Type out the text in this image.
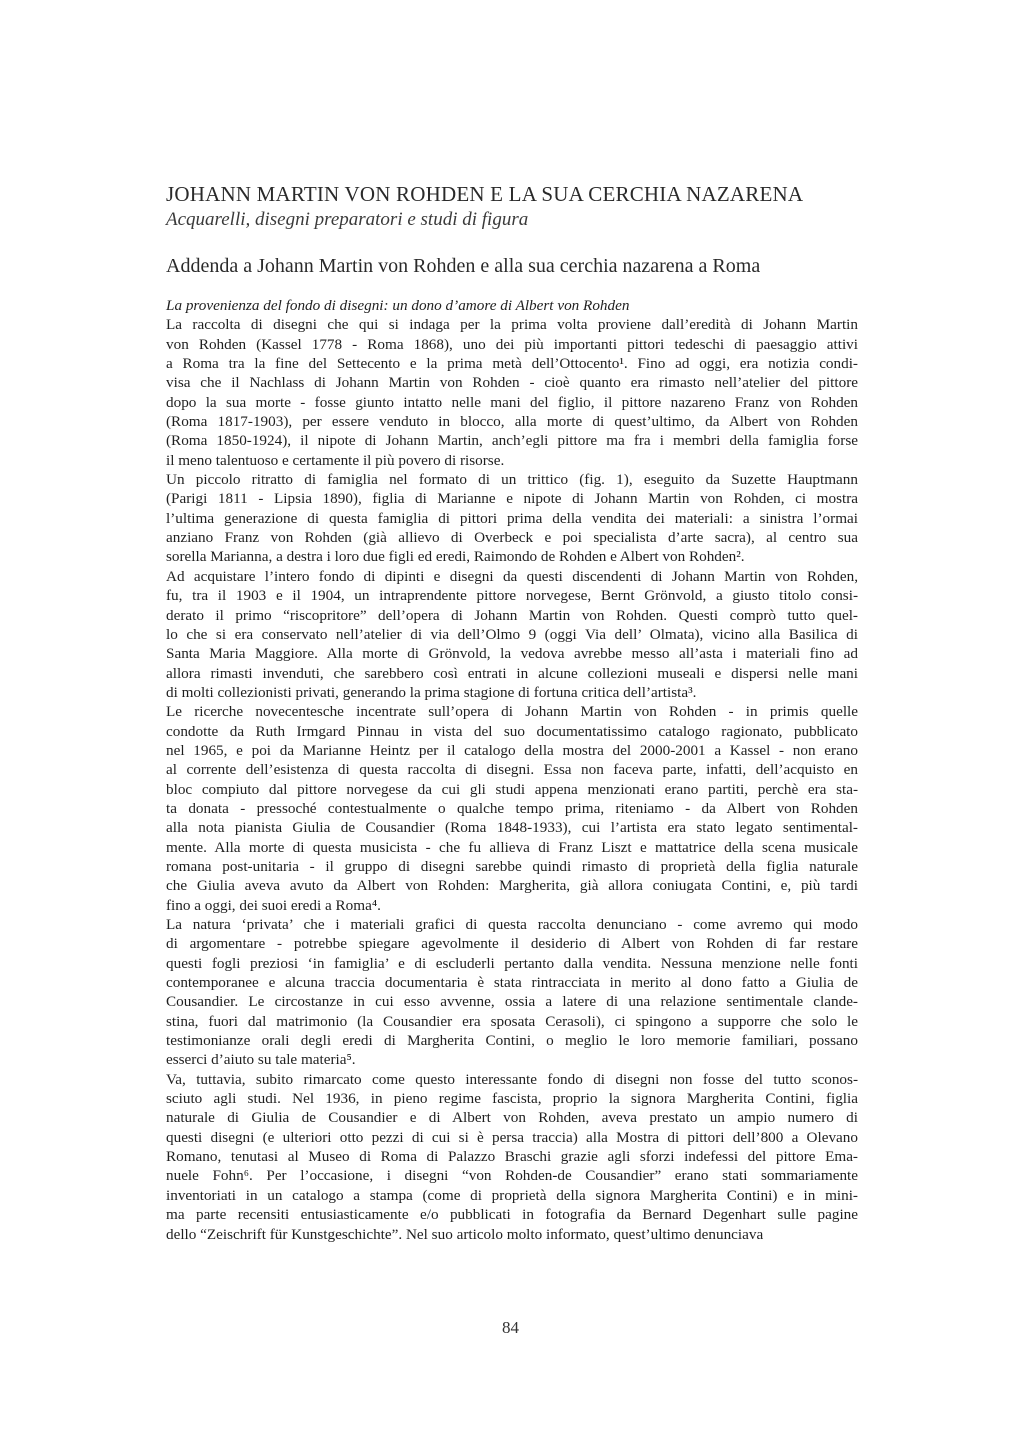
JOHANN MARTIN VON ROHDEN E LA SUA CERCHIA NAZARENA
Acquarelli, disegni preparatori e studi di figura
Addenda a Johann Martin von Rohden e alla sua cerchia nazarena a Roma
La provenienza del fondo di disegni: un dono d’amore di Albert von Rohden

La raccolta di disegni che qui si indaga per la prima volta proviene dall’eredità di Johann Martin
von Rohden (Kassel 1778 - Roma 1868), uno dei più importanti pittori tedeschi di paesaggio attivi
a Roma tra la fine del Settecento e la prima metà dell’Ottocento¹. Fino ad oggi, era notizia condi-
visa che il Nachlass di Johann Martin von Rohden - cioè quanto era rimasto nell’atelier del pittore
dopo la sua morte - fosse giunto intatto nelle mani del figlio, il pittore nazareno Franz von Rohden
(Roma 1817-1903), per essere venduto in blocco, alla morte di quest’ultimo, da Albert von Rohden
(Roma 1850-1924), il nipote di Johann Martin, anch’egli pittore ma fra i membri della famiglia forse
il meno talentuoso e certamente il più povero di risorse.

Un piccolo ritratto di famiglia nel formato di un trittico (fig. 1), eseguito da Suzette Hauptmann
(Parigi 1811 - Lipsia 1890), figlia di Marianne e nipote di Johann Martin von Rohden, ci mostra
l’ultima generazione di questa famiglia di pittori prima della vendita dei materiali: a sinistra l’ormai
anziano Franz von Rohden (già allievo di Overbeck e poi specialista d’arte sacra), al centro sua
sorella Marianna, a destra i loro due figli ed eredi, Raimondo de Rohden e Albert von Rohden².

Ad acquistare l’intero fondo di dipinti e disegni da questi discendenti di Johann Martin von Rohden,
fu, tra il 1903 e il 1904, un intraprendente pittore norvegese, Bernt Grönvold, a giusto titolo consi-
derato il primo “riscopritore” dell’opera di Johann Martin von Rohden. Questi comprò tutto quel-
lo che si era conservato nell’atelier di via dell’Olmo 9 (oggi Via dell’ Olmata), vicino alla Basilica di
Santa Maria Maggiore. Alla morte di Grönvold, la vedova avrebbe messo all’asta i materiali fino ad
allora rimasti invenduti, che sarebbero così entrati in alcune collezioni museali e dispersi nelle mani
di molti collezionisti privati, generando la prima stagione di fortuna critica dell’artista³.

Le ricerche novecentesche incentrate sull’opera di Johann Martin von Rohden - in primis quelle
condotte da Ruth Irmgard Pinnau in vista del suo documentatissimo catalogo ragionato, pubblicato
nel 1965, e poi da Marianne Heintz per il catalogo della mostra del 2000-2001 a Kassel - non erano
al corrente dell’esistenza di questa raccolta di disegni. Essa non faceva parte, infatti, dell’acquisto en
bloc compiuto dal pittore norvegese da cui gli studi appena menzionati erano partiti, perchè era sta-
ta donata - pressoché contestualmente o qualche tempo prima, riteniamo - da Albert von Rohden
alla nota pianista Giulia de Cousandier (Roma 1848-1933), cui l’artista era stato legato sentimental-
mente. Alla morte di questa musicista - che fu allieva di Franz Liszt e mattatrice della scena musicale
romana post-unitaria - il gruppo di disegni sarebbe quindi rimasto di proprietà della figlia naturale
che Giulia aveva avuto da Albert von Rohden: Margherita, già allora coniugata Contini, e, più tardi
fino a oggi, dei suoi eredi a Roma⁴.

La natura ‘privata’ che i materiali grafici di questa raccolta denunciano - come avremo qui modo
di argomentare - potrebbe spiegare agevolmente il desiderio di Albert von Rohden di far restare
questi fogli preziosi ‘in famiglia’ e di escluderli pertanto dalla vendita. Nessuna menzione nelle fonti
contemporanee e alcuna traccia documentaria è stata rintracciata in merito al dono fatto a Giulia de
Cousandier. Le circostanze in cui esso avvenne, ossia a latere di una relazione sentimentale clande-
stina, fuori dal matrimonio (la Cousandier era sposata Cerasoli), ci spingono a supporre che solo le
testimonianze orali degli eredi di Margherita Contini, o meglio le loro memorie familiari, possano
esserci d’aiuto su tale materia⁵.

Va, tuttavia, subito rimarcato come questo interessante fondo di disegni non fosse del tutto sconos-
sciuto agli studi. Nel 1936, in pieno regime fascista, proprio la signora Margherita Contini, figlia
naturale di Giulia de Cousandier e di Albert von Rohden, aveva prestato un ampio numero di
questi disegni (e ulteriori otto pezzi di cui si è persa traccia) alla Mostra di pittori dell’800 a Olevano
Romano, tenutasi al Museo di Roma di Palazzo Braschi grazie agli sforzi indefessi del pittore Ema-
nuele Fohn⁶. Per l’occasione, i disegni “von Rohden-de Cousandier” erano stati sommariamente
inventoriati in un catalogo a stampa (come di proprietà della signora Margherita Contini) e in mini-
ma parte recensiti entusiasticamente e/o pubblicati in fotografia da Bernard Degenhart sulle pagine
dello “Zeischrift für Kunstgeschichte”. Nel suo articolo molto informato, quest’ultimo denunciava

84
